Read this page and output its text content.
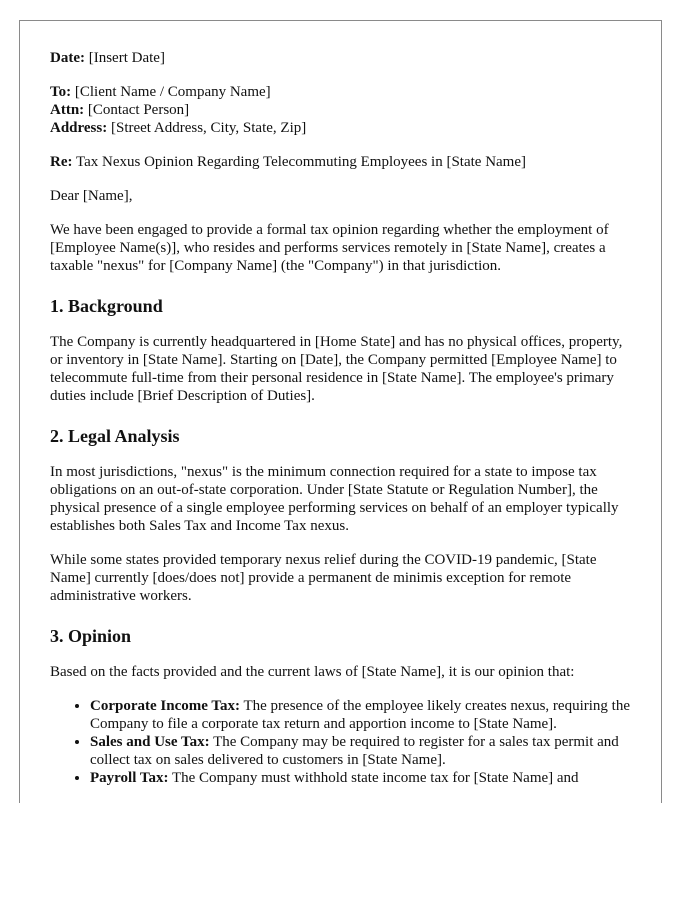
Date: [Insert Date]

To: [Client Name / Company Name]
Attn: [Contact Person]
Address: [Street Address, City, State, Zip]

Re: Tax Nexus Opinion Regarding Telecommuting Employees in [State Name]

Dear [Name],

We have been engaged to provide a formal tax opinion regarding whether the employment of [Employee Name(s)], who resides and performs services remotely in [State Name], creates a taxable "nexus" for [Company Name] (the "Company") in that jurisdiction.

1. Background

The Company is currently headquartered in [Home State] and has no physical offices, property, or inventory in [State Name]. Starting on [Date], the Company permitted [Employee Name] to telecommute full-time from their personal residence in [State Name]. The employee's primary duties include [Brief Description of Duties].

2. Legal Analysis

In most jurisdictions, "nexus" is the minimum connection required for a state to impose tax obligations on an out-of-state corporation. Under [State Statute or Regulation Number], the physical presence of a single employee performing services on behalf of an employer typically establishes both Sales Tax and Income Tax nexus.

While some states provided temporary nexus relief during the COVID-19 pandemic, [State Name] currently [does/does not] provide a permanent de minimis exception for remote administrative workers.

3. Opinion

Based on the facts provided and the current laws of [State Name], it is our opinion that:

• Corporate Income Tax: The presence of the employee likely creates nexus, requiring the Company to file a corporate tax return and apportion income to [State Name].
• Sales and Use Tax: The Company may be required to register for a sales tax permit and collect tax on sales delivered to customers in [State Name].
• Payroll Tax: The Company must withhold state income tax for [State Name] and
